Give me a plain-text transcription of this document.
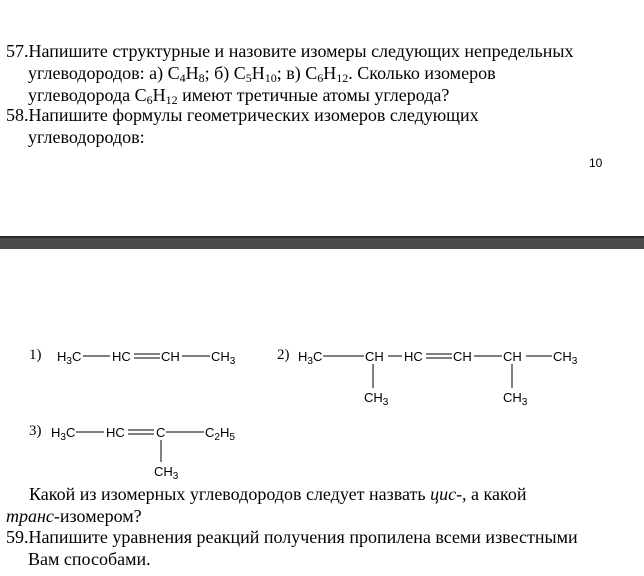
57.Напишите структурные и назовите изомеры следующих непредельных
углеводородов: а) $C_4H_8$; б) $C_5H_{10}$; в) $C_6H_{12}$. Сколько изомеров
углеводорода $C_6H_{12}$ имеют третичные атомы углерода?
58.Напишите формулы геометрических изомеров следующих
углеводородов:
10
1) $H_3C$ HC CH $CH_3$	2) $H_3C$	CH HC CH CH $CH_3$
$CH_3$	$CH_3$
3) $H_3C$ HC C	$C_2H_5$
$CH_3$
Какой из изомерных углеводородов следует назвать цис-, а какой
транс-изомером?
59.Напишите уравнения реакций получения пропилена всеми известными
Вам способами.
